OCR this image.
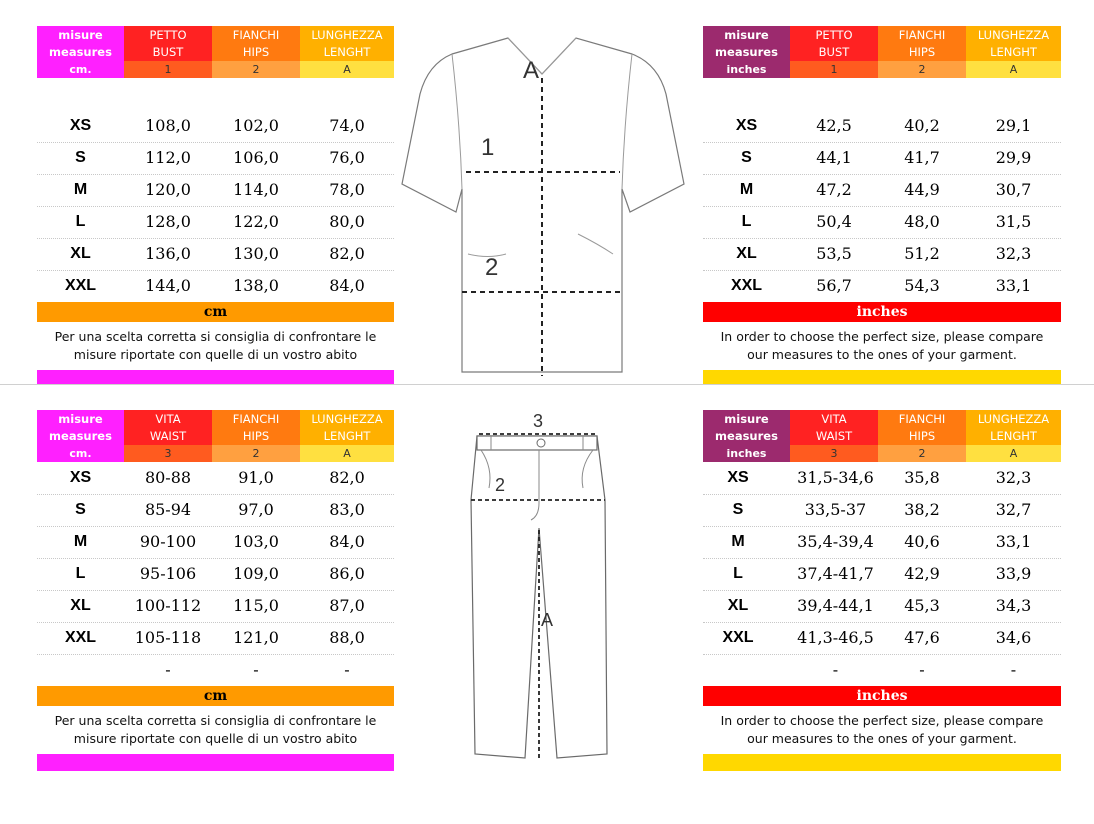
misure
measures
cm.
PETTO
BUST
1
FIANCHI
HIPS
2
LUNGHEZZA
LENGHT
A
XS	108,0	102,0	74,0
S	112,0	106,0	76,0
M	120,0	114,0	78,0
L	128,0	122,0	80,0
XL	136,0	130,0	82,0
XXL	144,0	138,0	84,0
cm
Per una scelta corretta si consiglia di confrontare le
misure riportate con quelle di un vostro abito
misure
measures
inches
PETTO
BUST
1
FIANCHI
HIPS
2
LUNGHEZZA
LENGHT
A
XS	42,5	40,2	29,1
S	44,1	41,7	29,9
M	47,2	44,9	30,7
L	50,4	48,0	31,5
XL	53,5	51,2	32,3
XXL	56,7	54,3	33,1
inches
In order to choose the perfect size, please compare
our measures to the ones of your garment.
A
1
2
misure
measures
cm.
VITA
WAIST
3
FIANCHI
HIPS
2
LUNGHEZZA
LENGHT
A
XS	80-88	91,0	82,0
S	85-94	97,0	83,0
M	90-100	103,0	84,0
L	95-106	109,0	86,0
XL	100-112	115,0	87,0
XXL	105-118	121,0	88,0
-	-	-
cm
Per una scelta corretta si consiglia di confrontare le
misure riportate con quelle di un vostro abito
misure
measures
inches
VITA
WAIST
3
FIANCHI
HIPS
2
LUNGHEZZA
LENGHT
A
XS	31,5-34,6	35,8	32,3
S	33,5-37	38,2	32,7
M	35,4-39,4	40,6	33,1
L	37,4-41,7	42,9	33,9
XL	39,4-44,1	45,3	34,3
XXL	41,3-46,5	47,6	34,6
-	-	-
inches
In order to choose the perfect size, please compare
our measures to the ones of your garment.
3
2
A
